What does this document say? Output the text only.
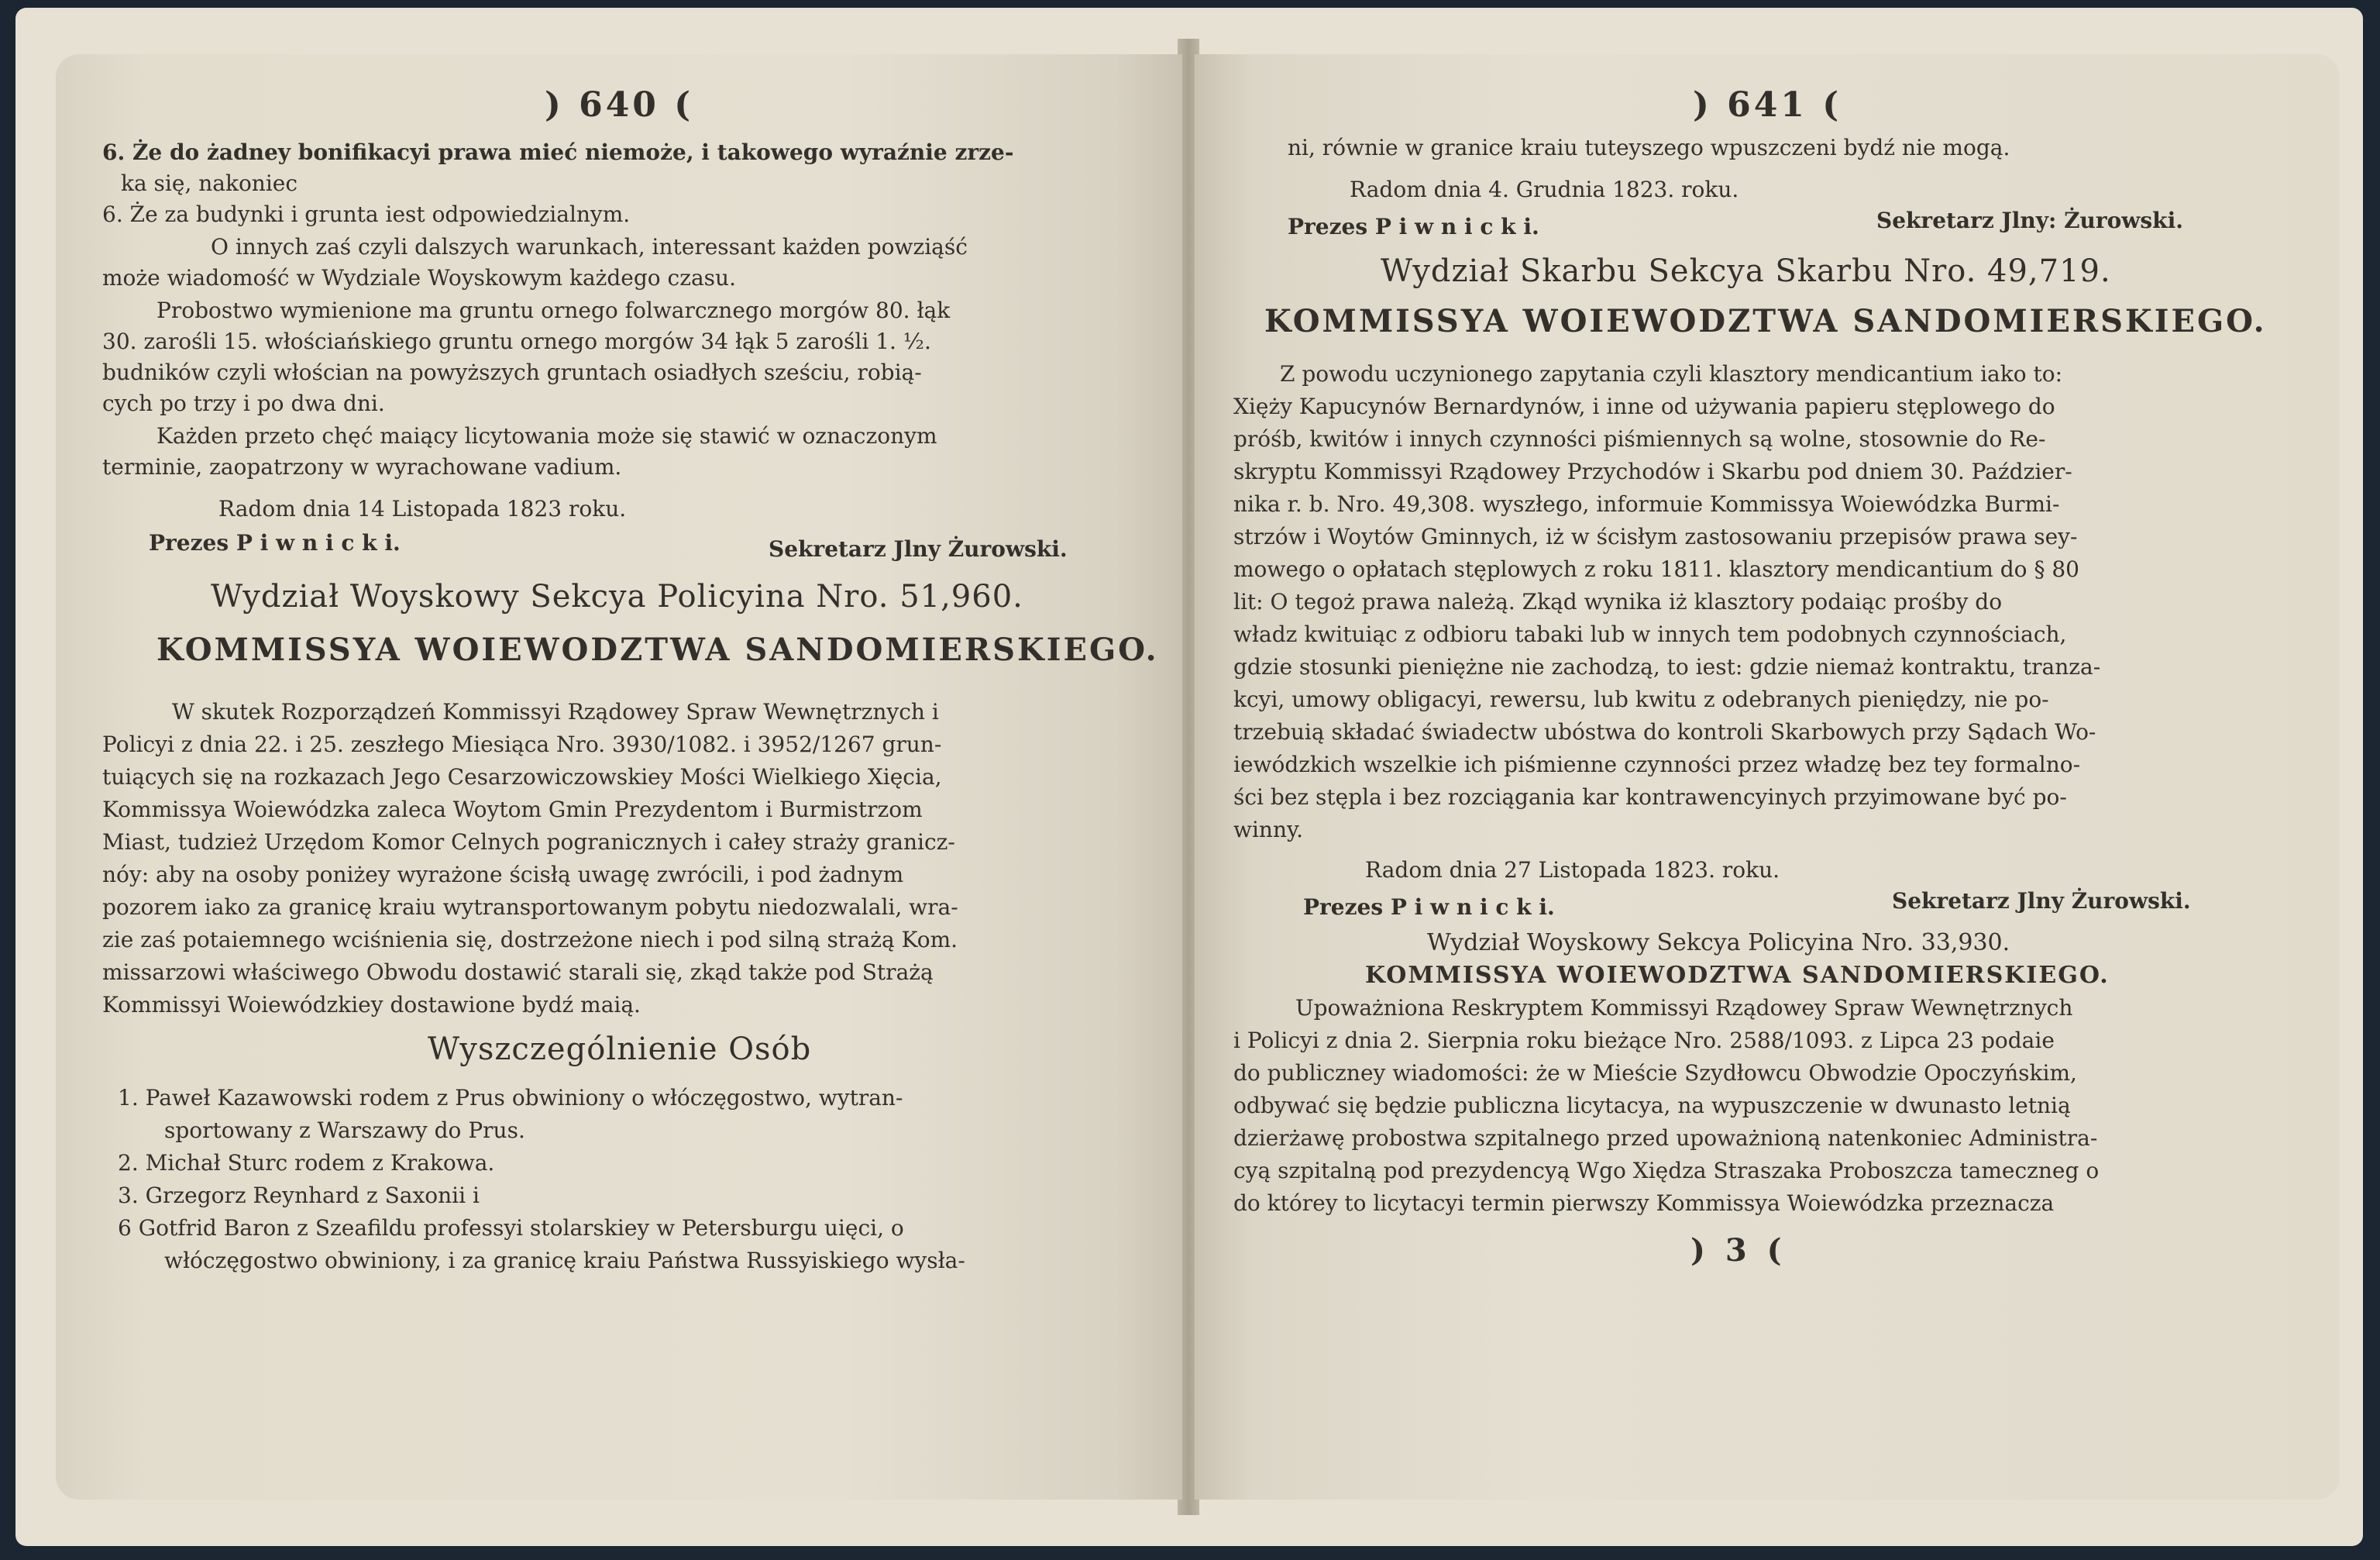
) 640 (
6. Że do żadney bonifikacyi prawa mieć niemoże, i takowego wyraźnie zrze-
ka się, nakoniec
6. Że za budynki i grunta iest odpowiedzialnym.
O innych zaś czyli dalszych warunkach, interessant każden powziąść
może wiadomość w Wydziale Woyskowym każdego czasu.
Probostwo wymienione ma gruntu ornego folwarcznego morgów 80. łąk
30. zarośli 15. włościańskiego gruntu ornego morgów 34 łąk 5 zarośli 1. ½.
budników czyli włościan na powyższych gruntach osiadłych sześciu, robią-
cych po trzy i po dwa dni.
Każden przeto chęć maiący licytowania może się stawić w oznaczonym
terminie, zaopatrzony w wyrachowane vadium.
Radom dnia 14 Listopada 1823 roku.
Prezes P i w n i c k i.	Sekretarz Jlny Żurowski.
Wydział Woyskowy Sekcya Policyina Nro. 51,960.
KOMMISSYA WOIEWODZTWA SANDOMIERSKIEGO.
W skutek Rozporządzeń Kommissyi Rządowey Spraw Wewnętrznych i
Policyi z dnia 22. i 25. zeszłego Miesiąca Nro. 3930/1082. i 3952/1267 grun-
tuiących się na rozkazach Jego Cesarzowiczowskiey Mości Wielkiego Xięcia,
Kommissya Woiewódzka zaleca Woytom Gmin Prezydentom i Burmistrzom
Miast, tudzież Urzędom Komor Celnych pogranicznych i całey straży granicz-
nóy: aby na osoby poniżey wyrażone ścisłą uwagę zwrócili, i pod żadnym
pozorem iako za granicę kraiu wytransportowanym pobytu niedozwalali, wra-
zie zaś potaiemnego wciśnienia się, dostrzeżone niech i pod silną strażą Kom.
missarzowi właściwego Obwodu dostawić starali się, zkąd także pod Strażą
Kommissyi Woiewódzkiey dostawione bydź maią.
Wyszczególnienie Osób
1. Paweł Kazawowski rodem z Prus obwiniony o włóczęgostwo, wytran-
sportowany z Warszawy do Prus.
2. Michał Sturc rodem z Krakowa.
3. Grzegorz Reynhard z Saxonii i
6 Gotfrid Baron z Szeafildu professyi stolarskiey w Petersburgu uięci, o
włóczęgostwo obwiniony, i za granicę kraiu Państwa Russyiskiego wysła-
) 641 (
ni, równie w granice kraiu tuteyszego wpuszczeni bydź nie mogą.
Radom dnia 4. Grudnia 1823. roku.
Prezes P i w n i c k i.	Sekretarz Jlny: Żurowski.
Wydział Skarbu Sekcya Skarbu Nro. 49,719.
KOMMISSYA WOIEWODZTWA SANDOMIERSKIEGO.
Z powodu uczynionego zapytania czyli klasztory mendicantium iako to:
Xięży Kapucynów Bernardynów, i inne od używania papieru stęplowego do
próśb, kwitów i innych czynności piśmiennych są wolne, stosownie do Re-
skryptu Kommissyi Rządowey Przychodów i Skarbu pod dniem 30. Paździer-
nika r. b. Nro. 49,308. wyszłego, informuie Kommissya Woiewódzka Burmi-
strzów i Woytów Gminnych, iż w ścisłym zastosowaniu przepisów prawa sey-
mowego o opłatach stęplowych z roku 1811. klasztory mendicantium do § 80
lit: O tegoż prawa należą. Zkąd wynika iż klasztory podaiąc prośby do
władz kwituiąc z odbioru tabaki lub w innych tem podobnych czynnościach,
gdzie stosunki pieniężne nie zachodzą, to iest: gdzie niemaż kontraktu, tranza-
kcyi, umowy obligacyi, rewersu, lub kwitu z odebranych pieniędzy, nie po-
trzebuią składać świadectw ubóstwa do kontroli Skarbowych przy Sądach Wo-
iewódzkich wszelkie ich piśmienne czynności przez władzę bez tey formalno-
ści bez stępla i bez rozciągania kar kontrawencyinych przyimowane być po-
winny.
Radom dnia 27 Listopada 1823. roku.
Prezes P i w n i c k i.	Sekretarz Jlny Żurowski.
Wydział Woyskowy Sekcya Policyina Nro. 33,930.
KOMMISSYA WOIEWODZTWA SANDOMIERSKIEGO.
Upoważniona Reskryptem Kommissyi Rządowey Spraw Wewnętrznych
i Policyi z dnia 2. Sierpnia roku bieżące Nro. 2588/1093. z Lipca 23 podaie
do publiczney wiadomości: że w Mieście Szydłowcu Obwodzie Opoczyńskim,
odbywać się będzie publiczna licytacya, na wypuszczenie w dwunasto letnią
dzierżawę probostwa szpitalnego przed upoważnioną natenkoniec Administra-
cyą szpitalną pod prezydencyą Wgo Xiędza Straszaka Proboszcza tameczneg o
do którey to licytacyi termin pierwszy Kommissya Woiewódzka przeznacza
) 3 (
